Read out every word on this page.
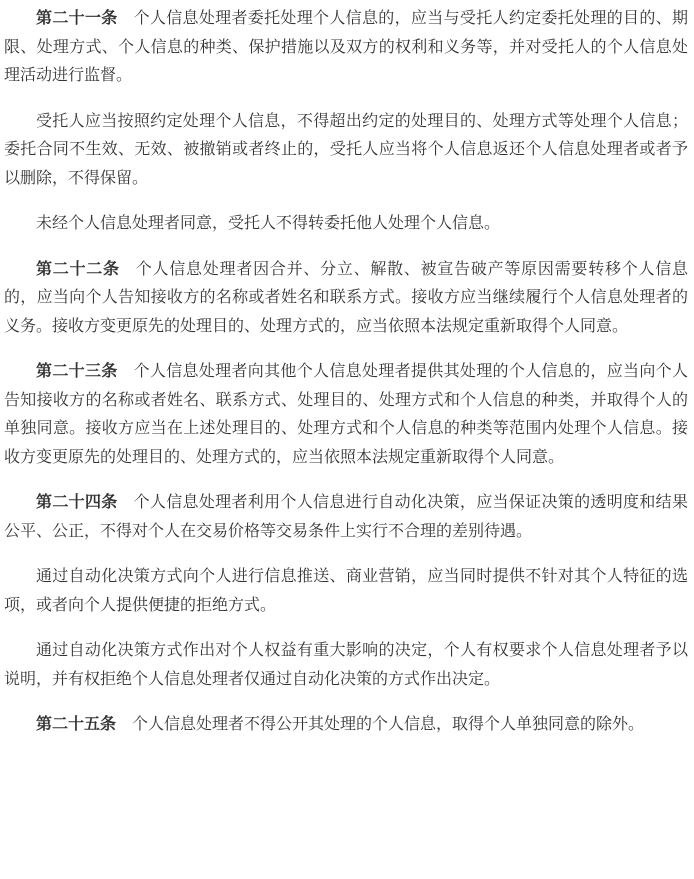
第二十一条 个人信息处理者委托处理个人信息的，应当与受托人约定委托处理的目的、期限、处理方式、个人信息的种类、保护措施以及双方的权利和义务等，并对受托人的个人信息处理活动进行监督。

受托人应当按照约定处理个人信息，不得超出约定的处理目的、处理方式等处理个人信息；委托合同不生效、无效、被撤销或者终止的，受托人应当将个人信息返还个人信息处理者或者予以删除，不得保留。

未经个人信息处理者同意，受托人不得转委托他人处理个人信息。

第二十二条 个人信息处理者因合并、分立、解散、被宣告破产等原因需要转移个人信息的，应当向个人告知接收方的名称或者姓名和联系方式。接收方应当继续履行个人信息处理者的义务。接收方变更原先的处理目的、处理方式的，应当依照本法规定重新取得个人同意。

第二十三条 个人信息处理者向其他个人信息处理者提供其处理的个人信息的，应当向个人告知接收方的名称或者姓名、联系方式、处理目的、处理方式和个人信息的种类，并取得个人的单独同意。接收方应当在上述处理目的、处理方式和个人信息的种类等范围内处理个人信息。接收方变更原先的处理目的、处理方式的，应当依照本法规定重新取得个人同意。

第二十四条 个人信息处理者利用个人信息进行自动化决策，应当保证决策的透明度和结果公平、公正，不得对个人在交易价格等交易条件上实行不合理的差别待遇。

通过自动化决策方式向个人进行信息推送、商业营销，应当同时提供不针对其个人特征的选项，或者向个人提供便捷的拒绝方式。

通过自动化决策方式作出对个人权益有重大影响的决定，个人有权要求个人信息处理者予以说明，并有权拒绝个人信息处理者仅通过自动化决策的方式作出决定。

第二十五条 个人信息处理者不得公开其处理的个人信息，取得个人单独同意的除外。
